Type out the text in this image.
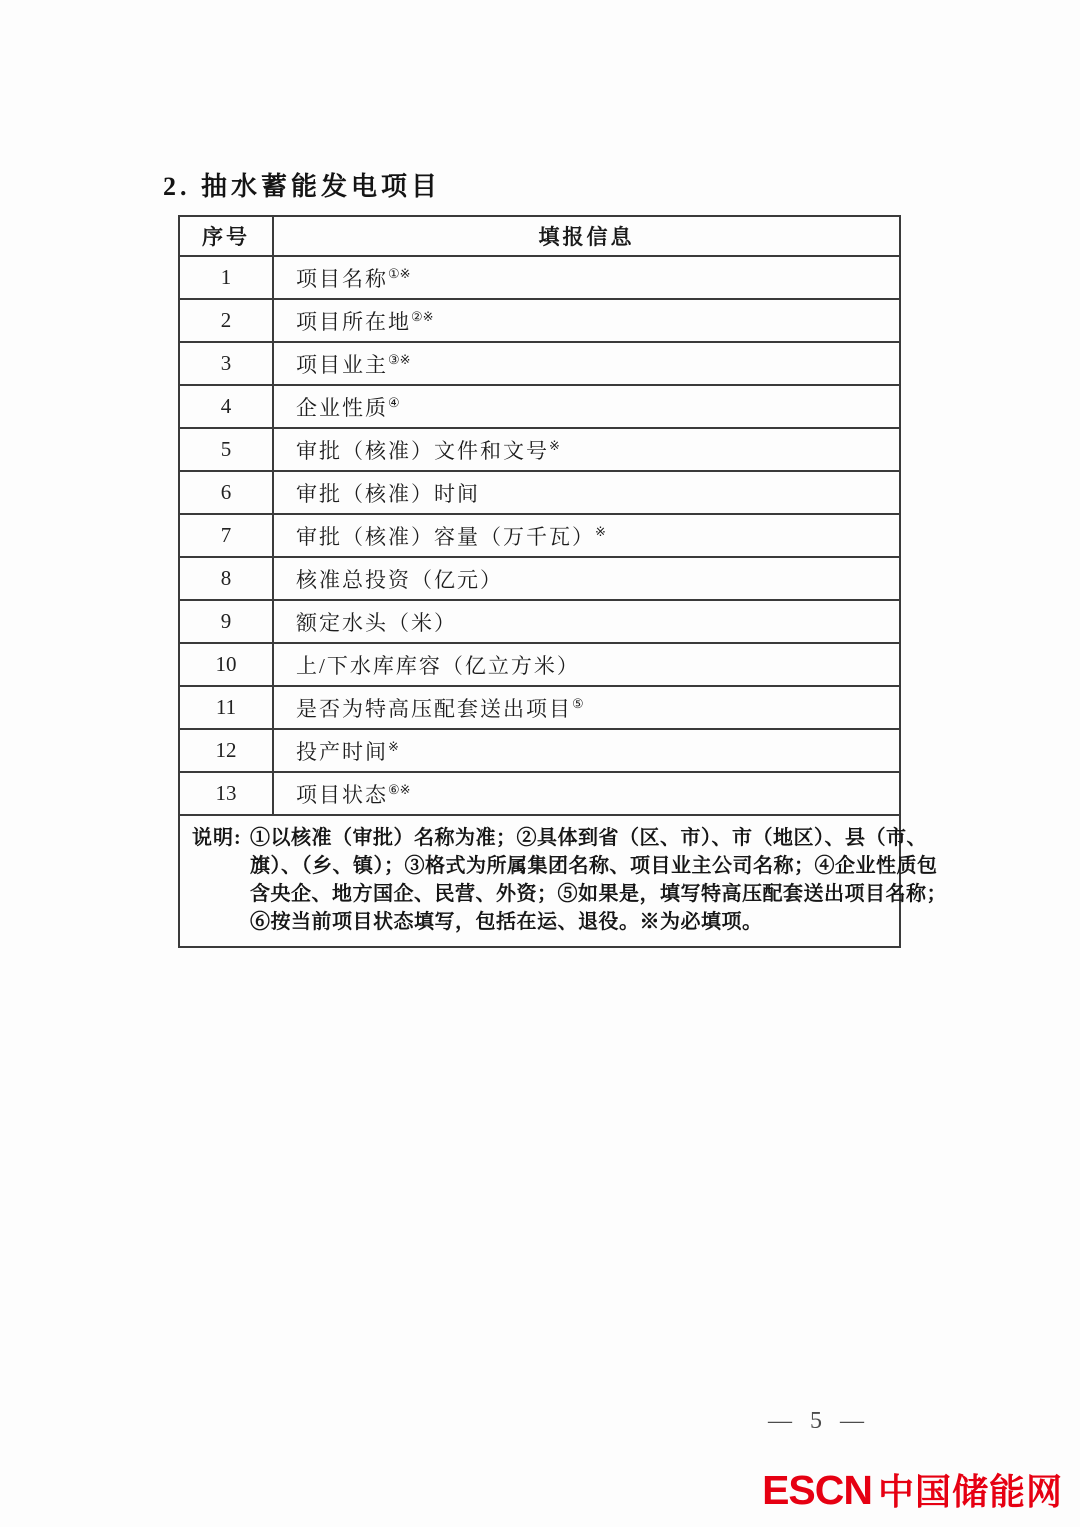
2. 抽水蓄能发电项目
序号	填报信息
1	项目名称①※
2	项目所在地②※
3	项目业主③※
4	企业性质④
5	审批（核准）文件和文号※
6	审批（核准）时间
7	审批（核准）容量（万千瓦）※
8	核准总投资（亿元）
9	额定水头（米）
10	上/下水库库容（亿立方米）
11	是否为特高压配套送出项目⑤
12	投产时间※
13	项目状态⑥※

说明: ①以核准（审批）名称为准；②具体到省（区、市）、市（地区）、县（市、
旗）、（乡、镇）；③格式为所属集团名称、项目业主公司名称；④企业性质包
含央企、地方国企、民营、外资；⑤如果是，填写特高压配套送出项目名称；
⑥按当前项目状态填写，包括在运、退役。※为必填项。	
— 5 —
ESCN 中国储能网
